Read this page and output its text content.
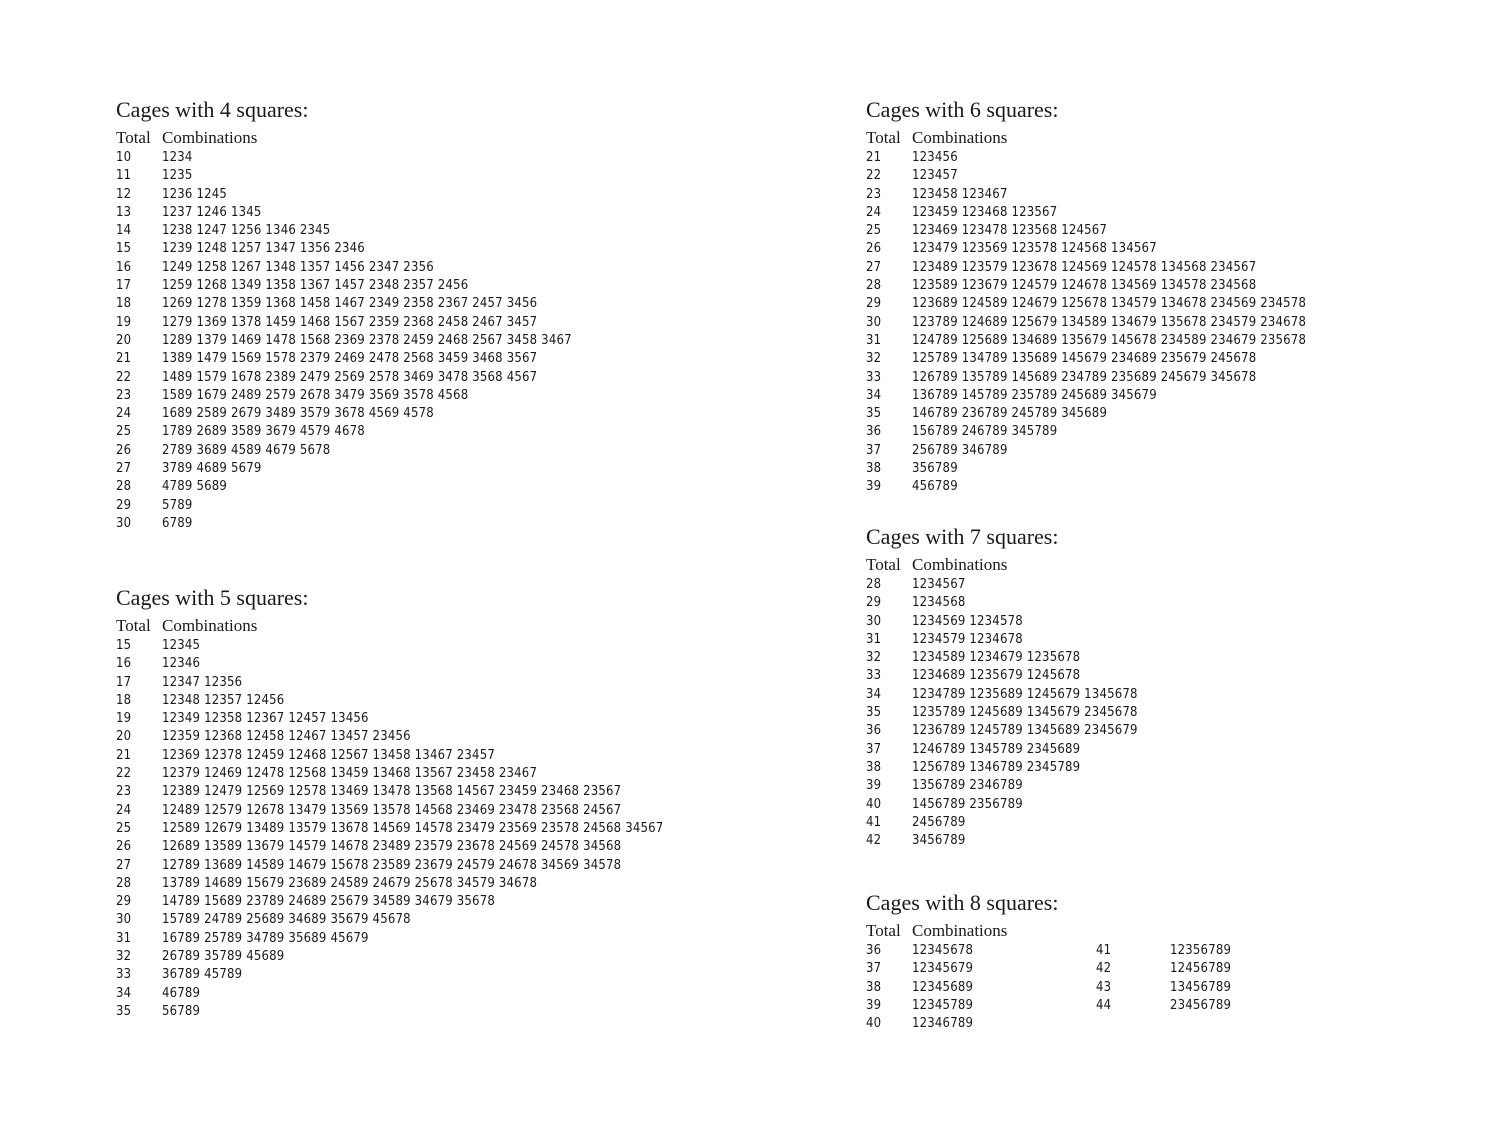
Cages with 4 squares:
Total Combinations
10 1234
11 1235
12 1236 1245
13 1237 1246 1345
14 1238 1247 1256 1346 2345
15 1239 1248 1257 1347 1356 2346
16 1249 1258 1267 1348 1357 1456 2347 2356
17 1259 1268 1349 1358 1367 1457 2348 2357 2456
18 1269 1278 1359 1368 1458 1467 2349 2358 2367 2457 3456
19 1279 1369 1378 1459 1468 1567 2359 2368 2458 2467 3457
20 1289 1379 1469 1478 1568 2369 2378 2459 2468 2567 3458 3467
21 1389 1479 1569 1578 2379 2469 2478 2568 3459 3468 3567
22 1489 1579 1678 2389 2479 2569 2578 3469 3478 3568 4567
23 1589 1679 2489 2579 2678 3479 3569 3578 4568
24 1689 2589 2679 3489 3579 3678 4569 4578
25 1789 2689 3589 3679 4579 4678
26 2789 3689 4589 4679 5678
27 3789 4689 5679
28 4789 5689
29 5789
30 6789
Cages with 5 squares:
Total Combinations
15 12345
16 12346
17 12347 12356
18 12348 12357 12456
19 12349 12358 12367 12457 13456
20 12359 12368 12458 12467 13457 23456
21 12369 12378 12459 12468 12567 13458 13467 23457
22 12379 12469 12478 12568 13459 13468 13567 23458 23467
23 12389 12479 12569 12578 13469 13478 13568 14567 23459 23468 23567
24 12489 12579 12678 13479 13569 13578 14568 23469 23478 23568 24567
25 12589 12679 13489 13579 13678 14569 14578 23479 23569 23578 24568 34567
26 12689 13589 13679 14579 14678 23489 23579 23678 24569 24578 34568
27 12789 13689 14589 14679 15678 23589 23679 24579 24678 34569 34578
28 13789 14689 15679 23689 24589 24679 25678 34579 34678
29 14789 15689 23789 24689 25679 34589 34679 35678
30 15789 24789 25689 34689 35679 45678
31 16789 25789 34789 35689 45679
32 26789 35789 45689
33 36789 45789
34 46789
35 56789
Cages with 6 squares:
Total Combinations
21 123456
22 123457
23 123458 123467
24 123459 123468 123567
25 123469 123478 123568 124567
26 123479 123569 123578 124568 134567
27 123489 123579 123678 124569 124578 134568 234567
28 123589 123679 124579 124678 134569 134578 234568
29 123689 124589 124679 125678 134579 134678 234569 234578
30 123789 124689 125679 134589 134679 135678 234579 234678
31 124789 125689 134689 135679 145678 234589 234679 235678
32 125789 134789 135689 145679 234689 235679 245678
33 126789 135789 145689 234789 235689 245679 345678
34 136789 145789 235789 245689 345679
35 146789 236789 245789 345689
36 156789 246789 345789
37 256789 346789
38 356789
39 456789
Cages with 7 squares:
Total Combinations
28 1234567
29 1234568
30 1234569 1234578
31 1234579 1234678
32 1234589 1234679 1235678
33 1234689 1235679 1245678
34 1234789 1235689 1245679 1345678
35 1235789 1245689 1345679 2345678
36 1236789 1245789 1345689 2345679
37 1246789 1345789 2345689
38 1256789 1346789 2345789
39 1356789 2346789
40 1456789 2356789
41 2456789
42 3456789
Cages with 8 squares:
Total Combinations
36 12345678
37 12345679
38 12345689
39 12345789
40 12346789
41	12356789
42	12456789
43	13456789
44	23456789
